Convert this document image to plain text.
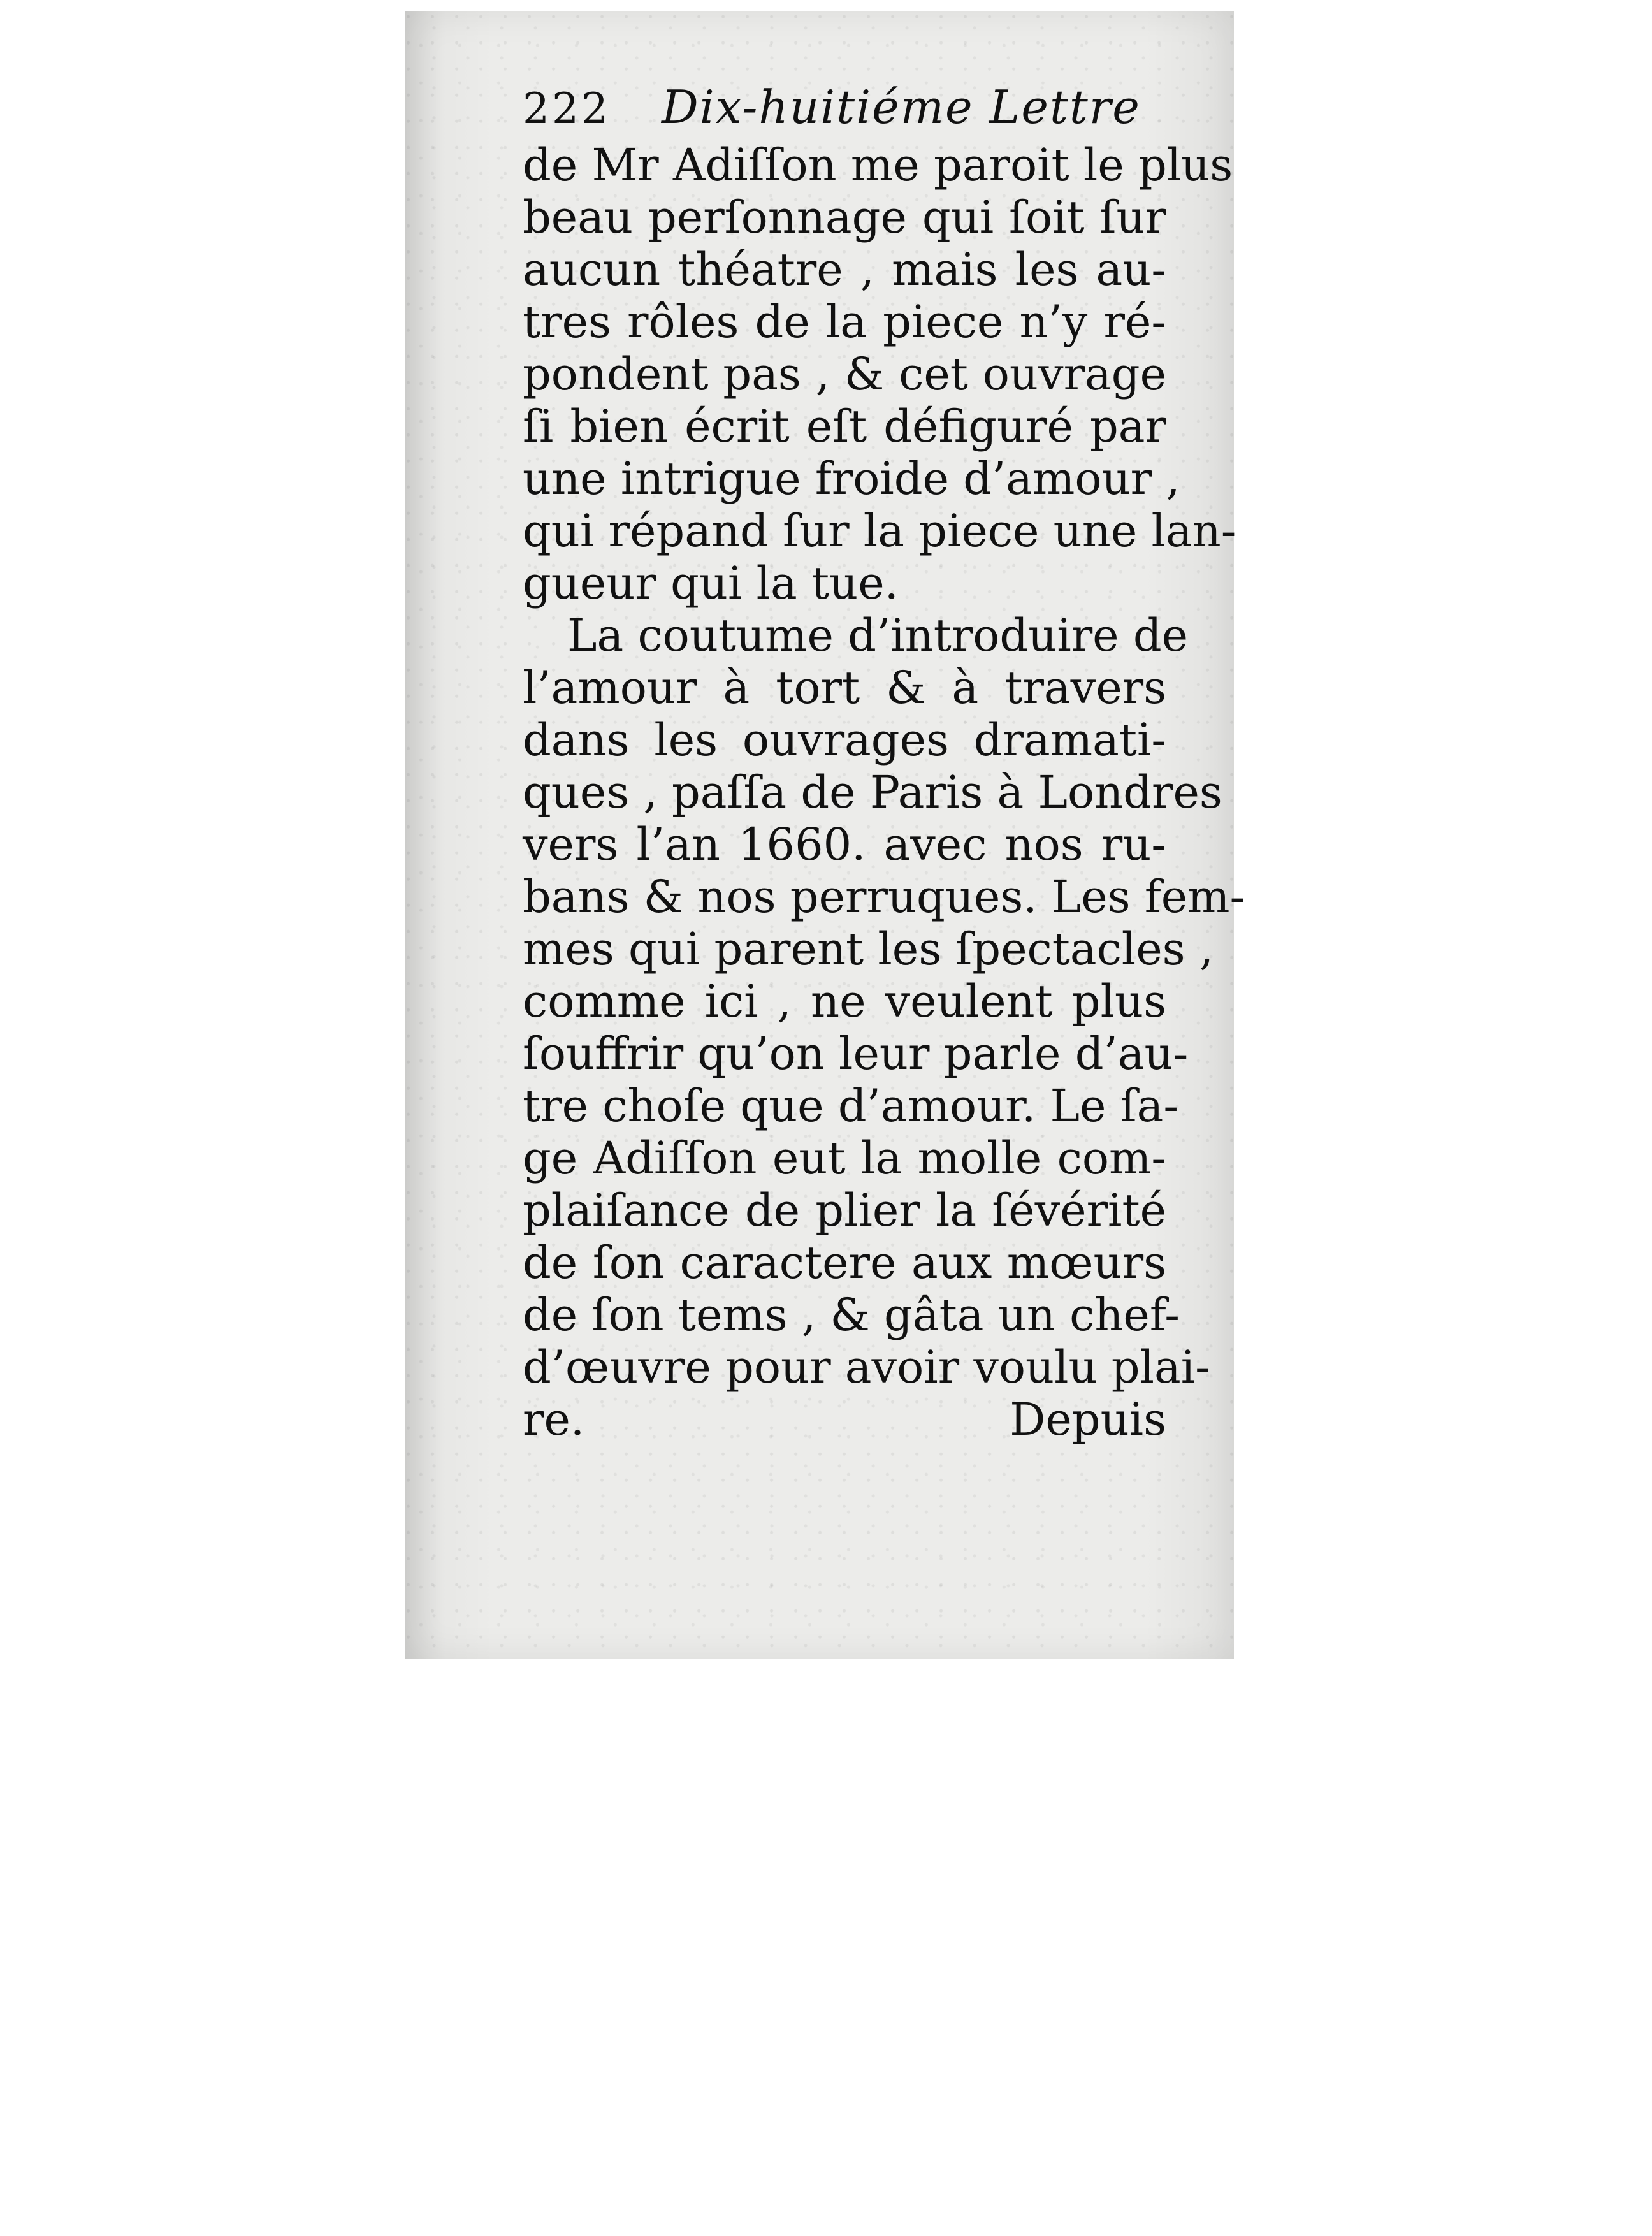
222 Dix-huitiéme Lettre
de Mr Adiſſon me paroit le plus
beau perſonnage qui ſoit ſur
aucun théatre , mais les au-
tres rôles de la piece n’y ré-
pondent pas , & cet ouvrage
ſi bien écrit eſt défiguré par
une intrigue froide d’amour ,
qui répand ſur la piece une lan-
gueur qui la tue.
La coutume d’introduire de
l’amour à tort & à travers
dans les ouvrages dramati-
ques , paſſa de Paris à Londres
vers l’an 1660. avec nos ru-
bans & nos perruques. Les fem-
mes qui parent les ſpectacles ,
comme ici , ne veulent plus
ſouffrir qu’on leur parle d’au-
tre choſe que d’amour. Le ſa-
ge Adiſſon eut la molle com-
plaiſance de plier la ſévérité
de ſon caractere aux mœurs
de ſon tems , & gâta un chef-
d’œuvre pour avoir voulu plai-
re.	Depuis
